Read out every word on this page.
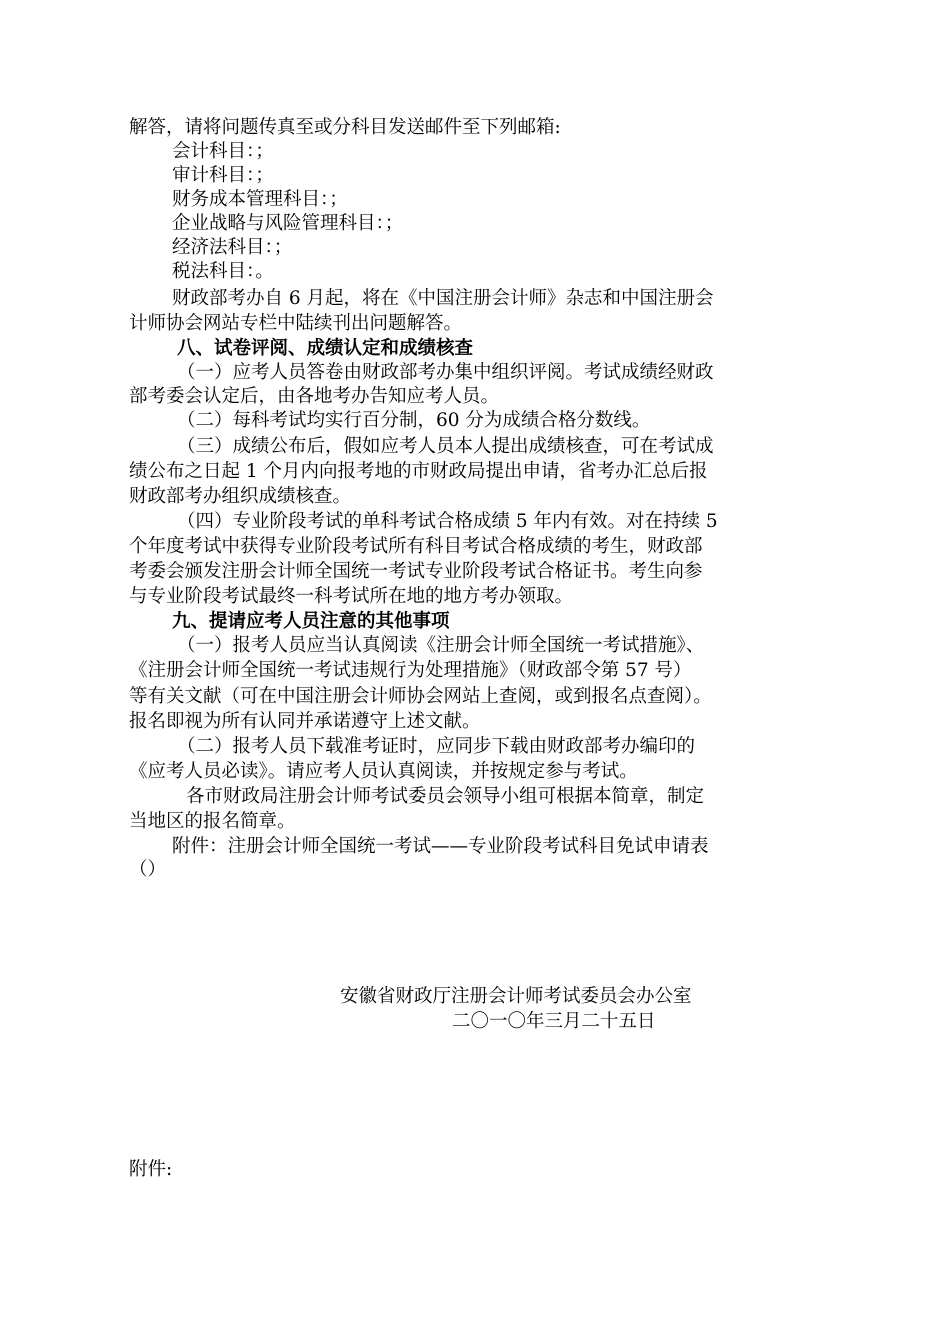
解答，请将问题传真至或分科目发送邮件至下列邮箱:
会计科目：；
审计科目：；
财务成本管理科目：；
企业战略与风险管理科目：；
经济法科目：；
税法科目：。
财政部考办自 6 月起，将在《中国注册会计师》杂志和中国注册会
计师协会网站专栏中陆续刊出问题解答。
八、试卷评阅、成绩认定和成绩核查
（一）应考人员答卷由财政部考办集中组织评阅。考试成绩经财政
部考委会认定后，由各地考办告知应考人员。
（二）每科考试均实行百分制，60 分为成绩合格分数线。
（三）成绩公布后，假如应考人员本人提出成绩核查，可在考试成
绩公布之日起 1 个月内向报考地的市财政局提出申请，省考办汇总后报
财政部考办组织成绩核查。
（四）专业阶段考试的单科考试合格成绩 5 年内有效。对在持续 5
个年度考试中获得专业阶段考试所有科目考试合格成绩的考生，财政部
考委会颁发注册会计师全国统一考试专业阶段考试合格证书。考生向参
与专业阶段考试最终一科考试所在地的地方考办领取。
九、提请应考人员注意的其他事项
（一）报考人员应当认真阅读《注册会计师全国统一考试措施》、
《注册会计师全国统一考试违规行为处理措施》（财政部令第 57 号）
等有关文献（可在中国注册会计师协会网站上查阅，或到报名点查阅）。
报名即视为所有认同并承诺遵守上述文献。
（二）报考人员下载准考证时，应同步下载由财政部考办编印的
《应考人员必读》。请应考人员认真阅读，并按规定参与考试。
各市财政局注册会计师考试委员会领导小组可根据本简章，制定
当地区的报名简章。
附件：注册会计师全国统一考试——专业阶段考试科目免试申请表
（）
安徽省财政厅注册会计师考试委员会办公室
二〇一〇年三月二十五日
附件:
